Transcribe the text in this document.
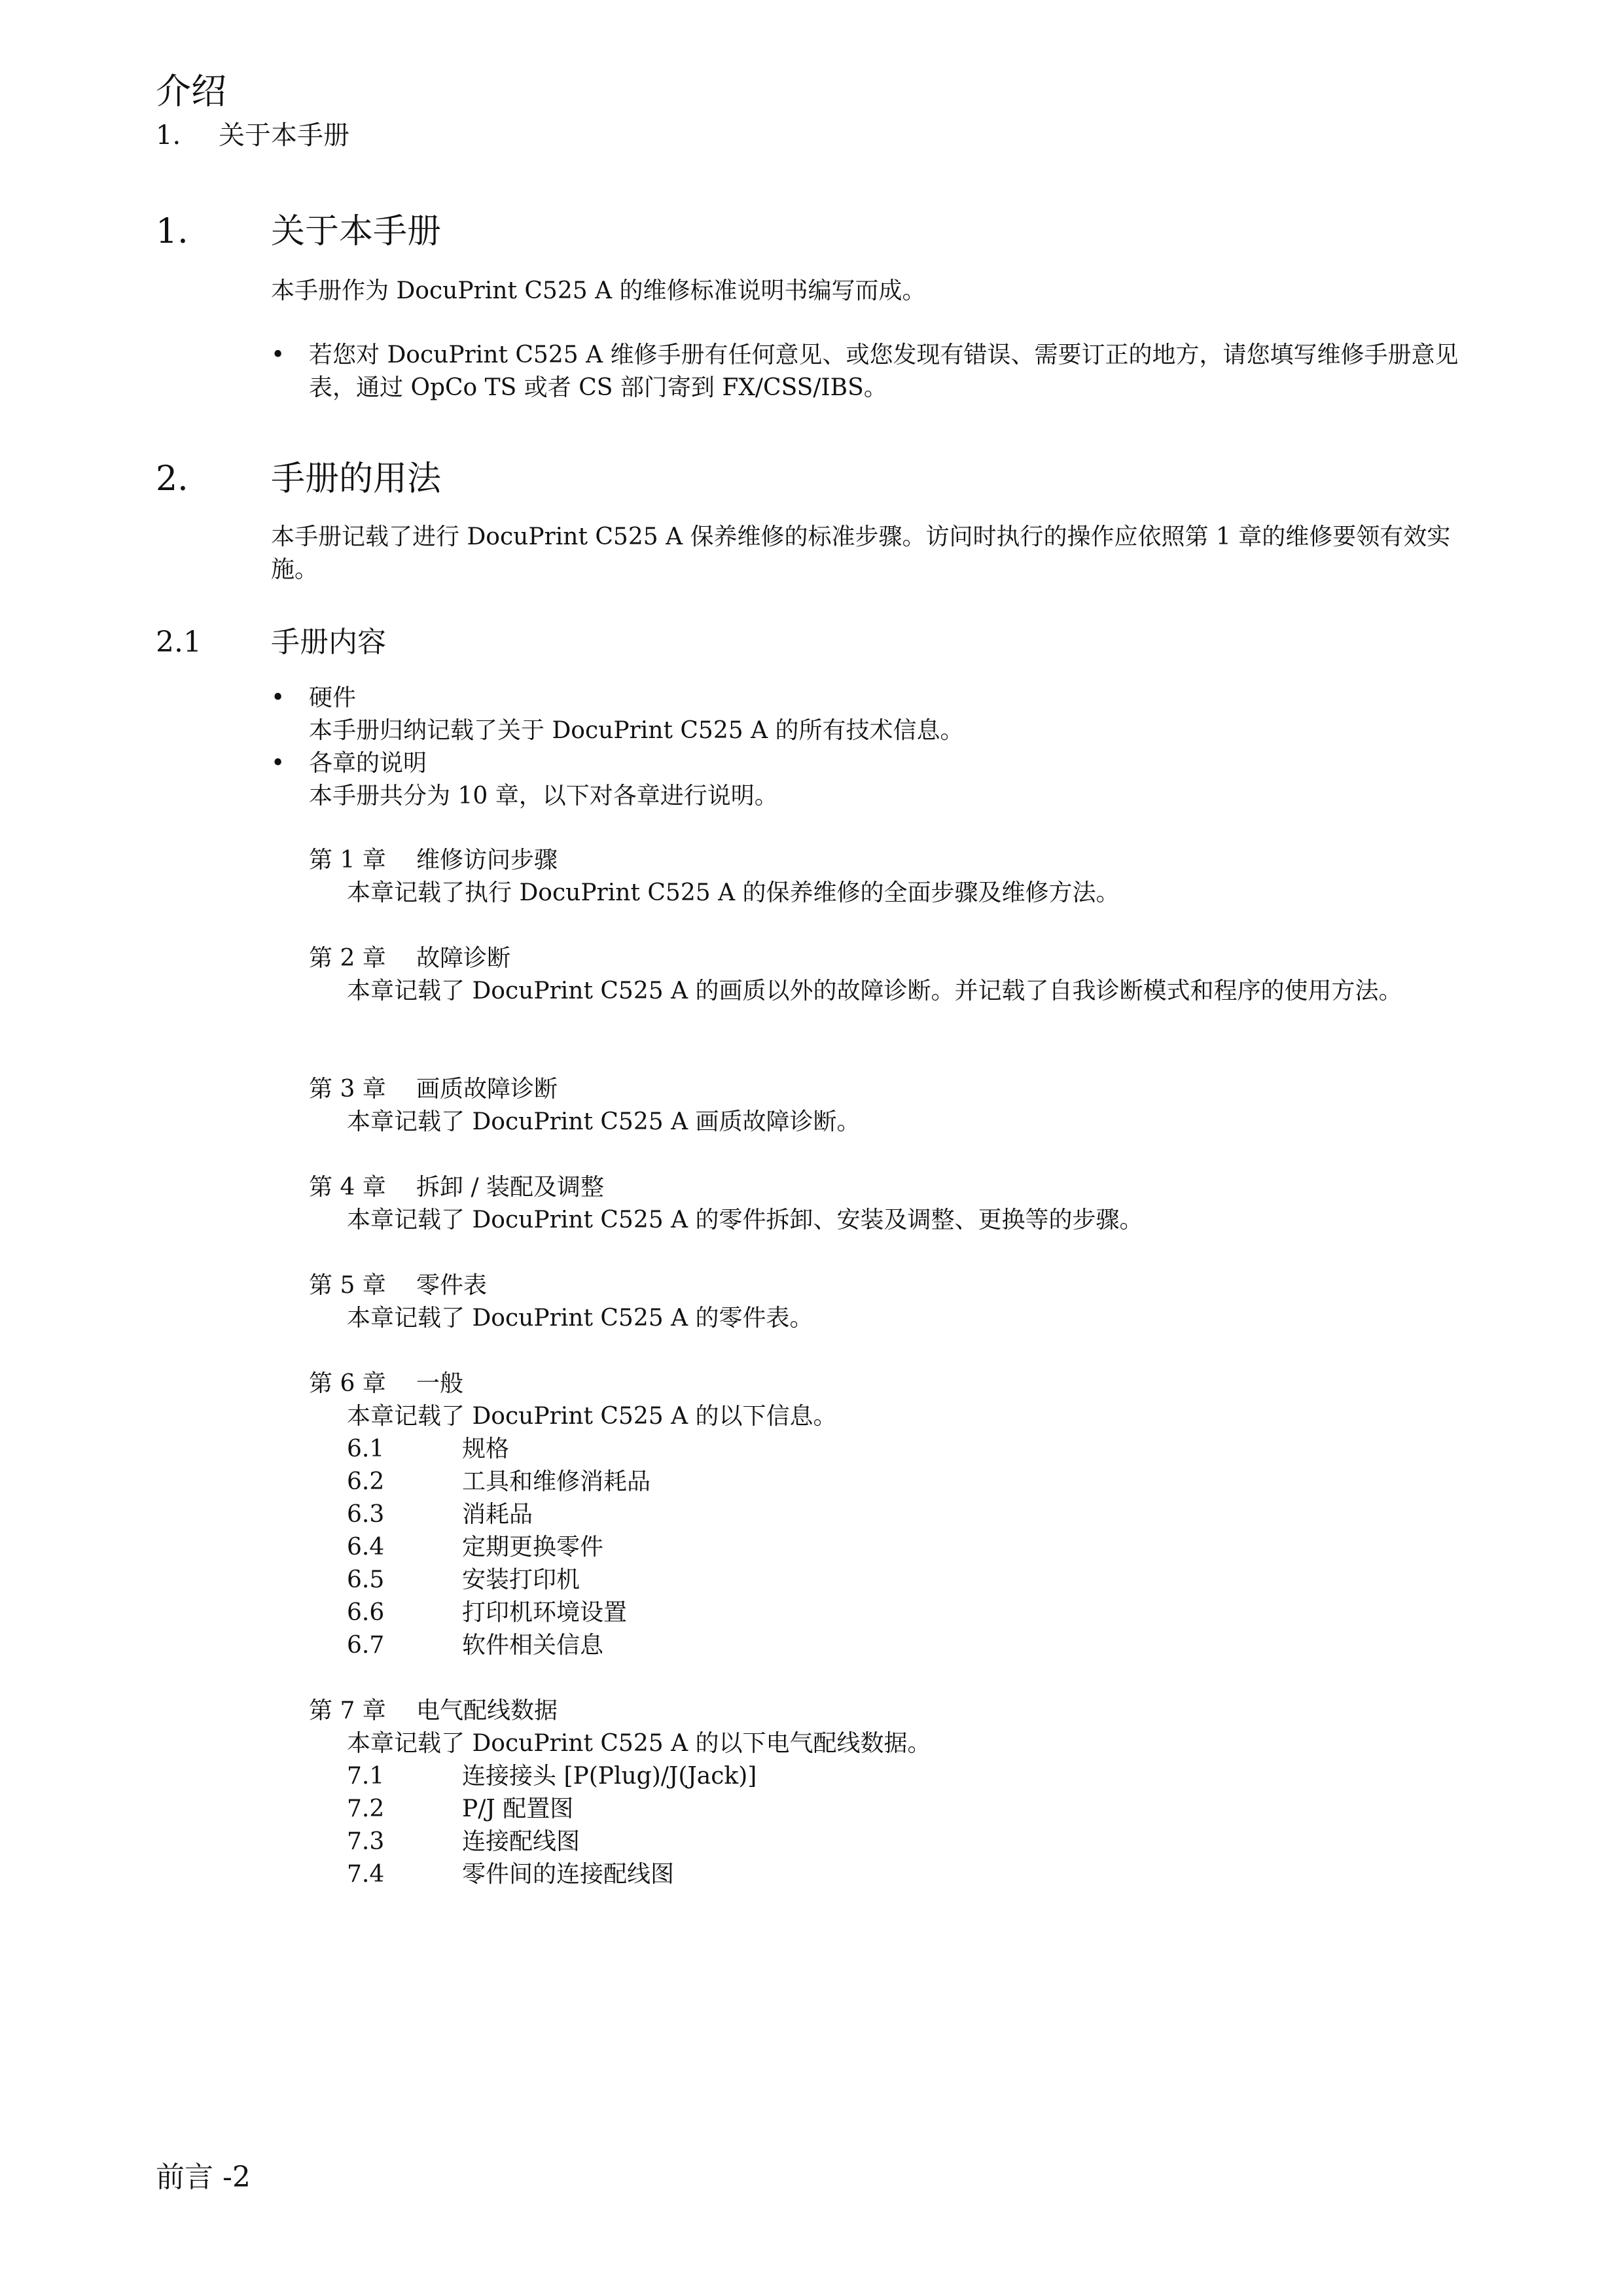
介绍
1. 关于本手册
1. 关于本手册
本手册作为 DocuPrint C525 A 的维修标准说明书编写而成。
• 若您对 DocuPrint C525 A 维修手册有任何意见、或您发现有错误、需要订正的地方，请您填写维修手册意见表，通过 OpCo TS 或者 CS 部门寄到 FX/CSS/IBS。
2. 手册的用法
本手册记载了进行 DocuPrint C525 A 保养维修的标准步骤。访问时执行的操作应依照第 1 章的维修要领有效实施。
2.1 手册内容
• 硬件
本手册归纳记载了关于 DocuPrint C525 A 的所有技术信息。
• 各章的说明
本手册共分为 10 章，以下对各章进行说明。
第 1 章 维修访问步骤
本章记载了执行 DocuPrint C525 A 的保养维修的全面步骤及维修方法。
第 2 章 故障诊断
本章记载了 DocuPrint C525 A 的画质以外的故障诊断。并记载了自我诊断模式和程序的使用方法。
第 3 章 画质故障诊断
本章记载了 DocuPrint C525 A 画质故障诊断。
第 4 章 拆卸 / 装配及调整
本章记载了 DocuPrint C525 A 的零件拆卸、安装及调整、更换等的步骤。
第 5 章 零件表
本章记载了 DocuPrint C525 A 的零件表。
第 6 章 一般
本章记载了 DocuPrint C525 A 的以下信息。
6.1	规格
6.2	工具和维修消耗品
6.3	消耗品
6.4	定期更换零件
6.5	安装打印机
6.6	打印机环境设置
6.7	软件相关信息
第 7 章 电气配线数据
本章记载了 DocuPrint C525 A 的以下电气配线数据。
7.1	连接接头 [P(Plug)/J(Jack)]
7.2	P/J 配置图
7.3	连接配线图
7.4	零件间的连接配线图
前言 -2
